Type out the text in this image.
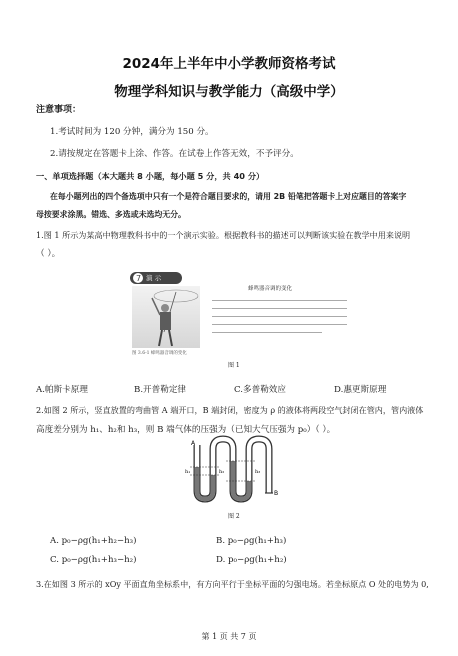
2024年上半年中小学教师资格考试
物理学科知识与教学能力（高级中学）
注意事项：
1.考试时间为 120 分钟，满分为 150 分。
2.请按规定在答题卡上涂、作答。在试卷上作答无效，不予评分。
一、单项选择题（本大题共 8 小题，每小题 5 分，共 40 分）
在每小题列出的四个备选项中只有一个是符合题目要求的，请用 2B 铅笔把答题卡上对应题目的答案字
母按要求涂黑。错选、多选或未选均无分。
1.图 1 所示为某高中物理教科书中的一个演示实验。根据教科书的描述可以判断该实验在教学中用来说明
（ ）。
7 演 示
图 3.6-1 蜂鸣器音调的变化
蜂鸣器音调的变化
图 1
A.帕斯卡原理	B.开普勒定律	C.多普勒效应	D.惠更斯原理
2.如图 2 所示，竖直放置的弯曲管 A 端开口，B 端封闭，密度为 ρ 的液体将两段空气封闭在管内，管内液体
高度差分别为 h₁、h₂和 h₃，则 B 端气体的压强为（已知大气压强为 p₀）（ ）。
A
B
h₁	h₂	h₃
图 2
A. p₀−ρg(h₁+h₂−h₃)	B. p₀−ρg(h₁+h₃)
C. p₀−ρg(h₁+h₃−h₂)	D. p₀−ρg(h₁+h₂)
3.在如图 3 所示的 xOy 平面直角坐标系中，有方向平行于坐标平面的匀强电场。若坐标原点 O 处的电势为 0,
第 1 页 共 7 页
